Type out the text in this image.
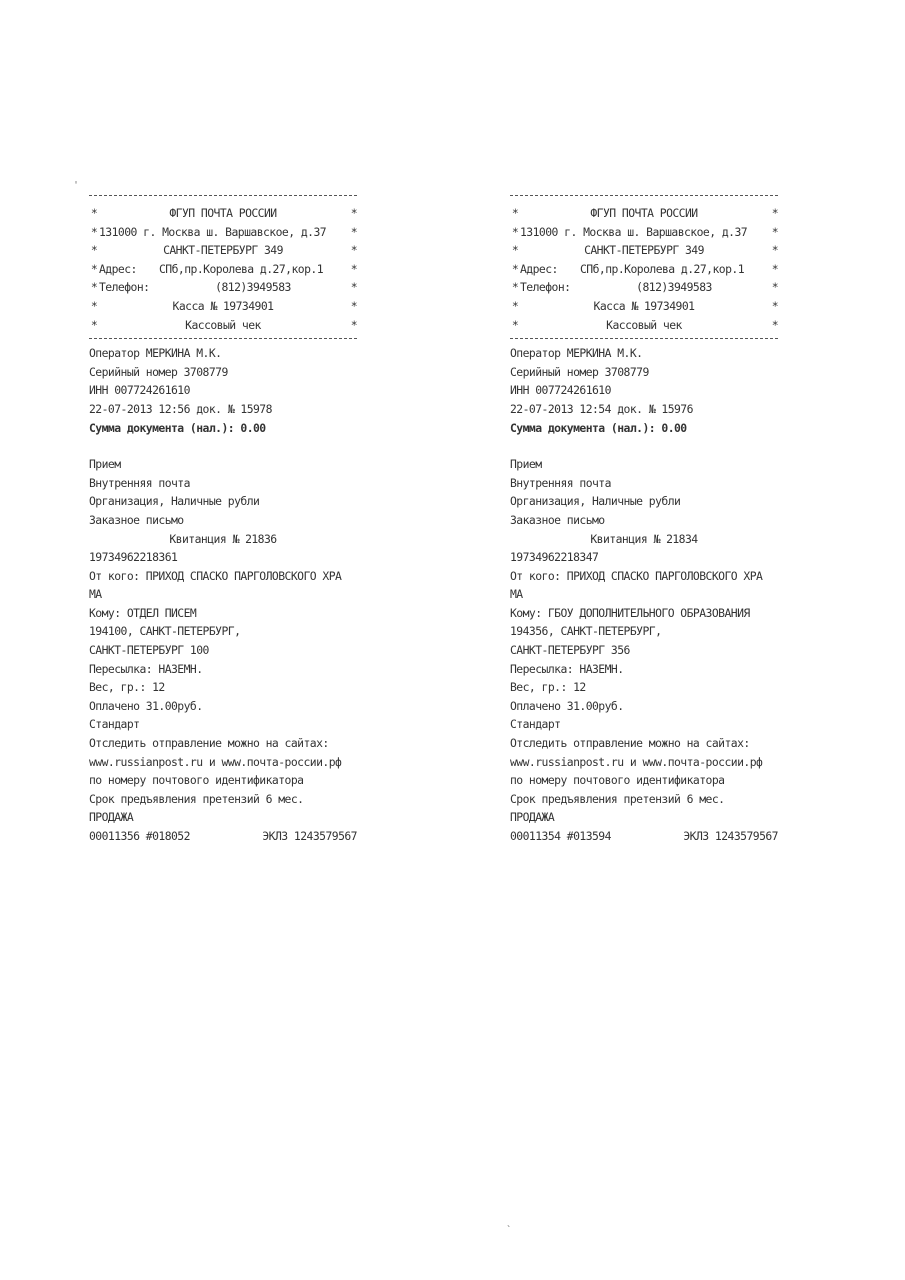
*	ФГУП ПОЧТА РОССИИ	*
* 131000 г. Москва ш. Варшавское, д.37	*
*	САНКТ-ПЕТЕРБУРГ 349	*
* Адрес:	СПб,пр.Королева д.27,кор.1	*
* Телефон:	(812)3949583	*
*	Касса № 19734901	*
*	Кассовый чек	*
Оператор МЕРКИНА М.К.
Серийный номер 3708779
ИНН 007724261610
22-07-2013 12:56 док. № 15978
Сумма документа (нал.): 0.00
Прием
Внутренняя почта
Организация, Наличные рубли
Заказное письмо
Квитанция № 21836
19734962218361
От кого: ПРИХОД СПАСКО ПАРГОЛОВСКОГО ХРА
МА
Кому: ОТДЕЛ ПИСЕМ
194100, САНКТ-ПЕТЕРБУРГ,
САНКТ-ПЕТЕРБУРГ 100
Пересылка: НАЗЕМН.
Вес, гр.: 12
Оплачено 31.00руб.
Стандарт
Отследить отправление можно на сайтах:
www.russianpost.ru и www.почта-россии.рф
по номеру почтового идентификатора
Срок предъявления претензий 6 мес.
ПРОДАЖА
00011356 #018052	ЭКЛЗ 1243579567
*	ФГУП ПОЧТА РОССИИ	*
* 131000 г. Москва ш. Варшавское, д.37	*
*	САНКТ-ПЕТЕРБУРГ 349	*
* Адрес:	СПб,пр.Королева д.27,кор.1	*
* Телефон:	(812)3949583	*
*	Касса № 19734901	*
*	Кассовый чек	*
Оператор МЕРКИНА М.К.
Серийный номер 3708779
ИНН 007724261610
22-07-2013 12:54 док. № 15976
Сумма документа (нал.): 0.00
Прием
Внутренняя почта
Организация, Наличные рубли
Заказное письмо
Квитанция № 21834
19734962218347
От кого: ПРИХОД СПАСКО ПАРГОЛОВСКОГО ХРА
МА
Кому: ГБОУ ДОПОЛНИТЕЛЬНОГО ОБРАЗОВАНИЯ
194356, САНКТ-ПЕТЕРБУРГ,
САНКТ-ПЕТЕРБУРГ 356
Пересылка: НАЗЕМН.
Вес, гр.: 12
Оплачено 31.00руб.
Стандарт
Отследить отправление можно на сайтах:
www.russianpost.ru и www.почта-россии.рф
по номеру почтового идентификатора
Срок предъявления претензий 6 мес.
ПРОДАЖА
00011354 #013594	ЭКЛЗ 1243579567
'
`
